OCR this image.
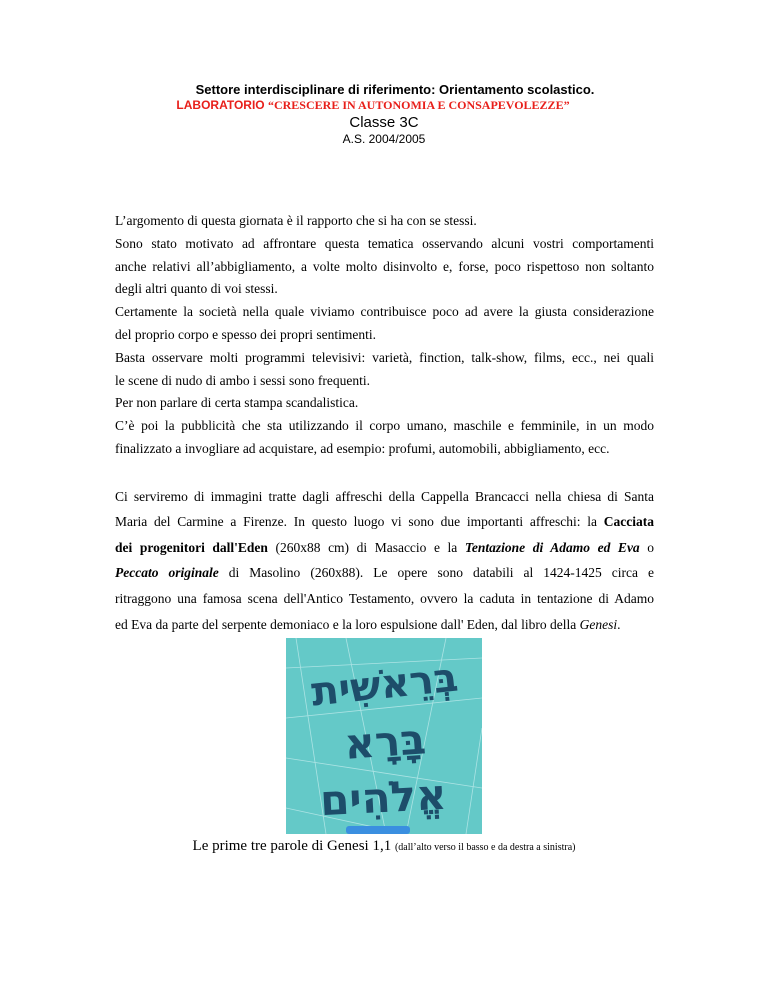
Settore interdisciplinare di riferimento: Orientamento scolastico.
LABORATORIO “CRESCERE IN AUTONOMIA E CONSAPEVOLEZZE”
Classe 3C
A.S. 2004/2005
L’argomento di questa giornata è il rapporto che si ha con se stessi.
Sono stato motivato ad affrontare questa tematica osservando alcuni vostri comportamenti
anche relativi all’abbigliamento, a volte molto disinvolto e, forse, poco rispettoso non soltanto
degli altri quanto di voi stessi.
Certamente la società nella quale viviamo contribuisce poco ad avere la giusta considerazione
del proprio corpo e spesso dei propri sentimenti.
Basta osservare molti programmi televisivi: varietà, finction, talk-show, films, ecc., nei quali
le scene di nudo di ambo i sessi sono frequenti.
Per non parlare di certa stampa scandalistica.
C’è poi la pubblicità che sta utilizzando il corpo umano, maschile e femminile, in un modo
finalizzato a invogliare ad acquistare, ad esempio: profumi, automobili, abbigliamento, ecc.
Ci serviremo di immagini tratte dagli affreschi della Cappella Brancacci nella chiesa di Santa
Maria del Carmine a Firenze. In questo luogo vi sono due importanti affreschi: la Cacciata
dei progenitori dall'Eden (260x88 cm) di Masaccio e la Tentazione di Adamo ed Eva o
Peccato originale di Masolino (260x88). Le opere sono databili al 1424-1425 circa e
ritraggono una famosa scena dell'Antico Testamento, ovvero la caduta in tentazione di Adamo
ed Eva da parte del serpente demoniaco e la loro espulsione dall' Eden, dal libro della Genesi.
בְּרֵאשִׁית
בָּרָא
אֱלֹהִים
Le prime tre parole di Genesi 1,1 (dall’alto verso il basso e da destra a sinistra)
